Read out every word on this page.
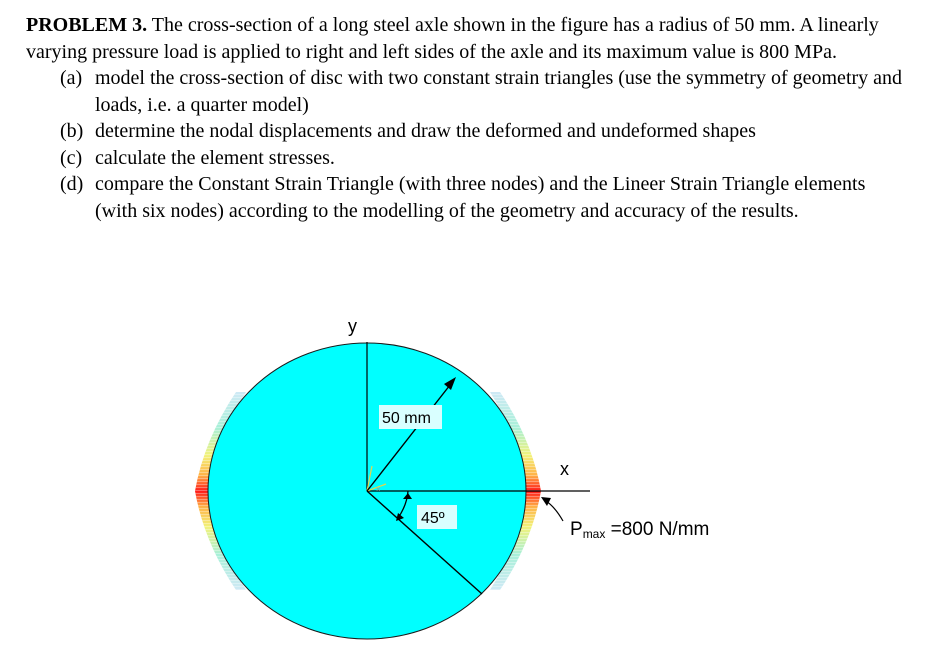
PROBLEM 3. The cross-section of a long steel axle shown in the figure has a radius of 50 mm. A linearly varying pressure load is applied to right and left sides of the axle and its maximum value is 800 MPa.

(a) model the cross-section of disc with two constant strain triangles (use the symmetry of geometry and loads, i.e. a quarter model)
(b) determine the nodal displacements and draw the deformed and undeformed shapes
(c) calculate the element stresses.
(d) compare the Constant Strain Triangle (with three nodes) and the Lineer Strain Triangle elements (with six nodes) according to the modelling of the geometry and accuracy of the results.
y
x
×
50 mm
45º
Pmax =800 N/mm
